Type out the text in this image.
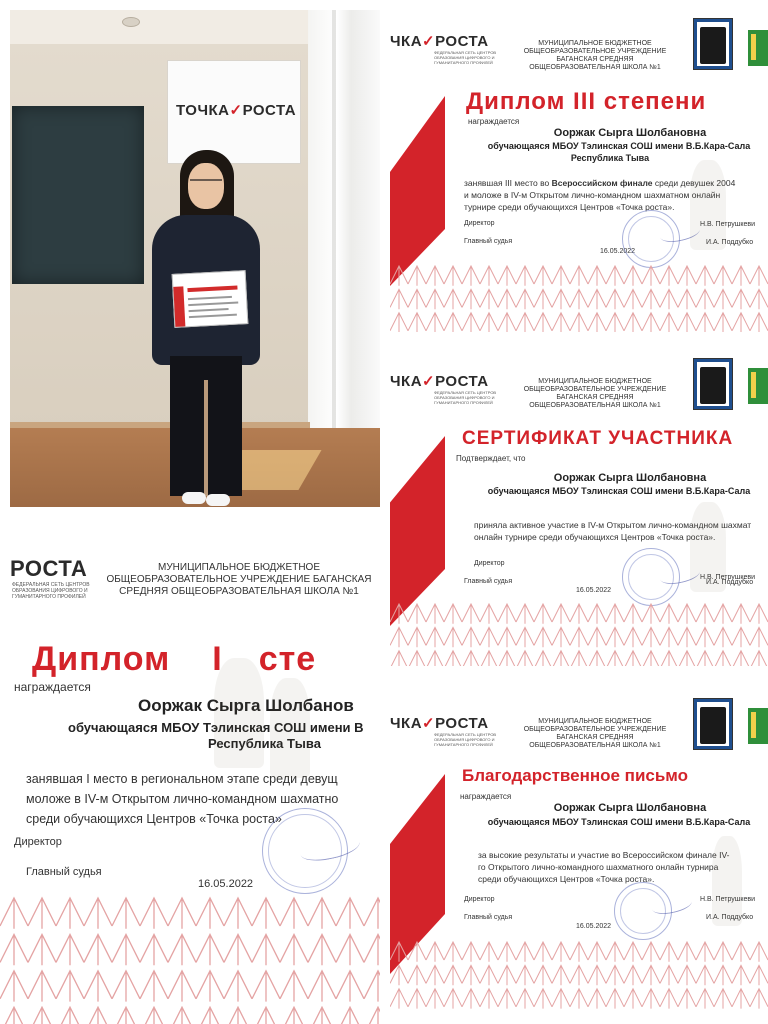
ТОЧКА✓РОСТА
ЧКА✓РОСТА
ФЕДЕРАЛЬНАЯ СЕТЬ ЦЕНТРОВ ОБРАЗОВАНИЯ ЦИФРОВОГО И ГУМАНИТАРНОГО ПРОФИЛЕЙ
МУНИЦИПАЛЬНОЕ БЮДЖЕТНОЕ ОБЩЕОБРАЗОВАТЕЛЬНОЕ УЧРЕЖДЕНИЕ БАГАНСКАЯ СРЕДНЯЯ ОБЩЕОБРАЗОВАТЕЛЬНАЯ ШКОЛА №1
Диплом III степени
награждается
Ооржак Сырга Шолбановна
обучающаяся МБОУ Тэлинская СОШ имени В.Б.Кара-Сала
Республика Тыва
занявшая III место во Всероссийском финале среди девушек 2004
и моложе в IV-м Открытом лично-командном шахматном онлайн
турнире среди обучающихся Центров «Точка роста».
Директор	Н.В. Петрушкеви
Главный судья	И.А. Поддубко
16.05.2022
ЧКА✓РОСТА
ФЕДЕРАЛЬНАЯ СЕТЬ ЦЕНТРОВ ОБРАЗОВАНИЯ ЦИФРОВОГО И ГУМАНИТАРНОГО ПРОФИЛЕЙ
МУНИЦИПАЛЬНОЕ БЮДЖЕТНОЕ ОБЩЕОБРАЗОВАТЕЛЬНОЕ УЧРЕЖДЕНИЕ БАГАНСКАЯ СРЕДНЯЯ ОБЩЕОБРАЗОВАТЕЛЬНАЯ ШКОЛА №1
СЕРТИФИКАТ УЧАСТНИКА
Подтверждает, что
Ооржак Сырга Шолбановна
обучающаяся МБОУ Тэлинская СОШ имени В.Б.Кара-Сала
приняла активное участие в IV-м Открытом лично-командном шахмат
онлайн турнире среди обучающихся Центров «Точка роста».
Директор
Н.В. Петрушкеви
Главный судья	И.А. Поддубко
16.05.2022
РОСТА
ФЕДЕРАЛЬНАЯ СЕТЬ ЦЕНТРОВ ОБРАЗОВАНИЯ ЦИФРОВОГО И ГУМАНИТАРНОГО ПРОФИЛЕЙ
МУНИЦИПАЛЬНОЕ БЮДЖЕТНОЕ ОБЩЕОБРАЗОВАТЕЛЬНОЕ УЧРЕЖДЕНИЕ БАГАНСКАЯ СРЕДНЯЯ ОБЩЕОБРАЗОВАТЕЛЬНАЯ ШКОЛА №1
Диплом I сте
награждается
Ооржак Сырга Шолбанов
обучающаяся МБОУ Тэлинская СОШ имени В
Республика Тыва
занявшая I место в региональном этапе среди девущ
моложе в IV-м Открытом лично-командном шахматно
среди обучающихся Центров «Точка роста»
Директор
Главный судья
16.05.2022
ЧКА✓РОСТА
ФЕДЕРАЛЬНАЯ СЕТЬ ЦЕНТРОВ ОБРАЗОВАНИЯ ЦИФРОВОГО И ГУМАНИТАРНОГО ПРОФИЛЕЙ
МУНИЦИПАЛЬНОЕ БЮДЖЕТНОЕ ОБЩЕОБРАЗОВАТЕЛЬНОЕ УЧРЕЖДЕНИЕ БАГАНСКАЯ СРЕДНЯЯ ОБЩЕОБРАЗОВАТЕЛЬНАЯ ШКОЛА №1
Благодарственное письмо
награждается
Ооржак Сырга Шолбановна
обучающаяся МБОУ Тэлинская СОШ имени В.Б.Кара-Сала
за высокие результаты и участие во Всероссийском финале IV-
го Открытого лично-командного шахматного онлайн турнира
среди обучающихся Центров «Точка роста».
Директор	Н.В. Петрушкеви
Главный судья	И.А. Поддубко
16.05.2022
